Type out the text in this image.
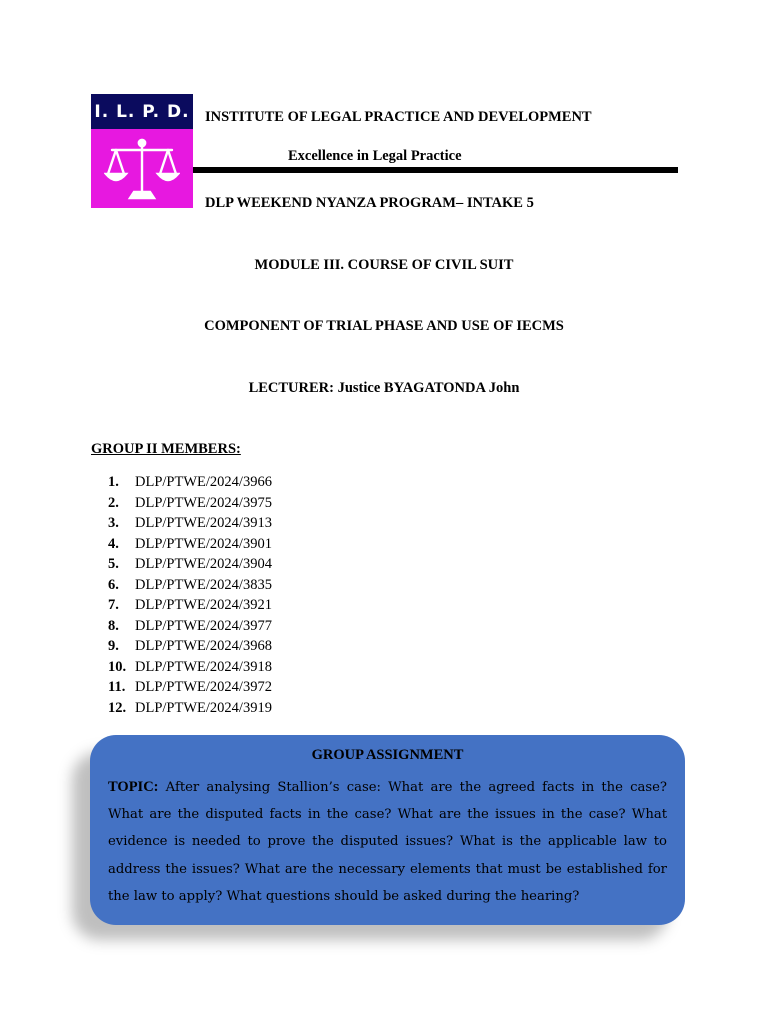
I. L. P. D. INSTITUTE OF LEGAL PRACTICE AND DEVELOPMENT
Excellence in Legal Practice
DLP WEEKEND NYANZA PROGRAM– INTAKE 5
MODULE III. COURSE OF CIVIL SUIT
COMPONENT OF TRIAL PHASE AND USE OF IECMS
LECTURER: Justice BYAGATONDA John
GROUP II MEMBERS:
1. DLP/PTWE/2024/3966
2. DLP/PTWE/2024/3975
3. DLP/PTWE/2024/3913
4. DLP/PTWE/2024/3901
5. DLP/PTWE/2024/3904
6. DLP/PTWE/2024/3835
7. DLP/PTWE/2024/3921
8. DLP/PTWE/2024/3977
9. DLP/PTWE/2024/3968
10. DLP/PTWE/2024/3918
11. DLP/PTWE/2024/3972
12. DLP/PTWE/2024/3919
GROUP ASSIGNMENT

TOPIC: After analysing Stallion’s case: What are the agreed facts in the case? What are the disputed facts in the case? What are the issues in the case? What evidence is needed to prove the disputed issues? What is the applicable law to address the issues? What are the necessary elements that must be established for the law to apply? What questions should be asked during the hearing?
